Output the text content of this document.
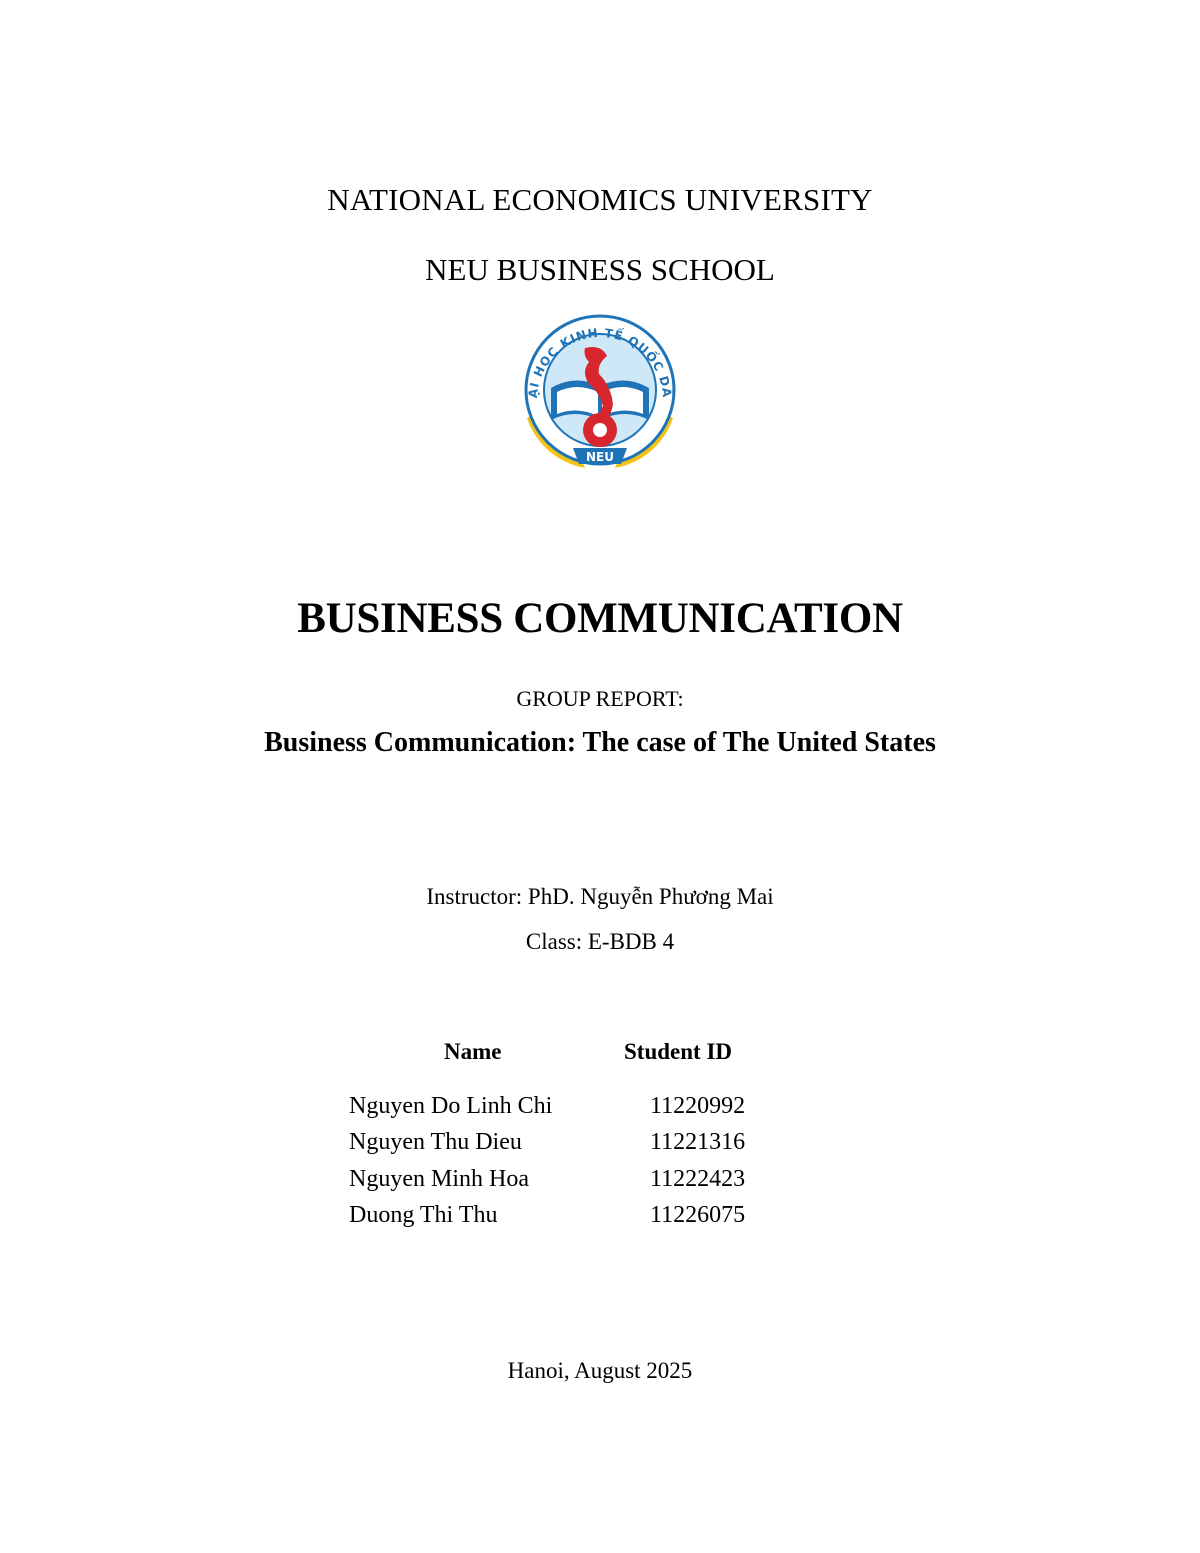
NATIONAL ECONOMICS UNIVERSITY
NEU BUSINESS SCHOOL
ẠI HỌC KINH TẾ QUỐC DÂ
NEU
BUSINESS COMMUNICATION
GROUP REPORT:
Business Communication: The case of The United States
Instructor: PhD. Nguyễn Phương Mai
Class: E-BDB 4
Name	Student ID
Nguyen Do Linh Chi	11220992
Nguyen Thu Dieu	11221316
Nguyen Minh Hoa	11222423
Duong Thi Thu	11226075
Hanoi, August 2025
